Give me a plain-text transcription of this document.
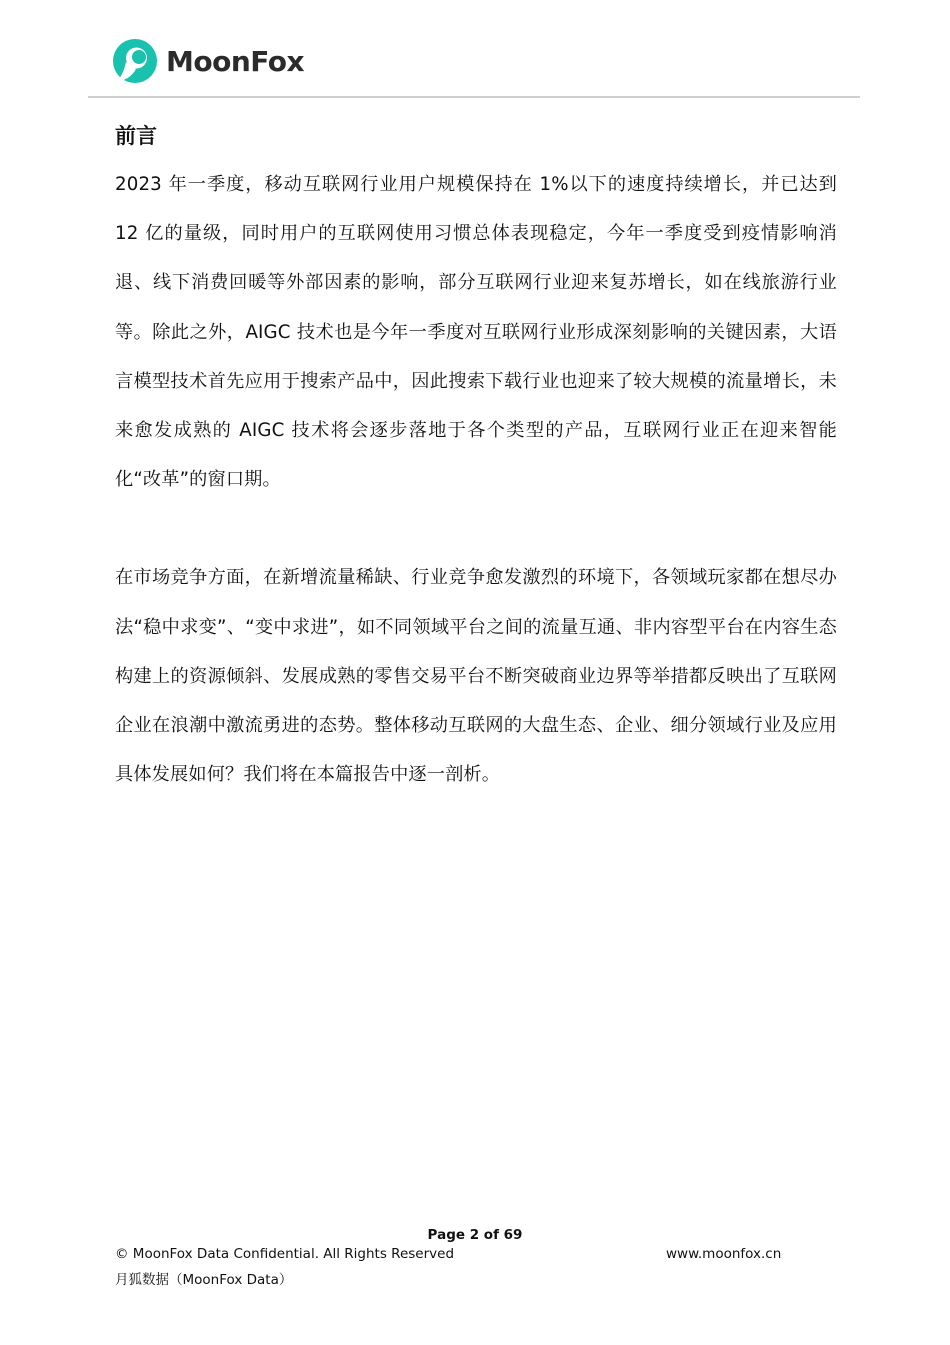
MoonFox
前言

2023 年一季度，移动互联网行业用户规模保持在 1%以下的速度持续增长，并已达到 12 亿的量级，同时用户的互联网使用习惯总体表现稳定，今年一季度受到疫情影响消退、线下消费回暖等外部因素的影响，部分互联网行业迎来复苏增长，如在线旅游行业等。除此之外，AIGC 技术也是今年一季度对互联网行业形成深刻影响的关键因素，大语言模型技术首先应用于搜索产品中，因此搜索下载行业也迎来了较大规模的流量增长，未来愈发成熟的 AIGC 技术将会逐步落地于各个类型的产品，互联网行业正在迎来智能化“改革”的窗口期。

在市场竞争方面，在新增流量稀缺、行业竞争愈发激烈的环境下，各领域玩家都在想尽办法“稳中求变”、“变中求进”，如不同领域平台之间的流量互通、非内容型平台在内容生态构建上的资源倾斜、发展成熟的零售交易平台不断突破商业边界等举措都反映出了互联网企业在浪潮中激流勇进的态势。整体移动互联网的大盘生态、企业、细分领域行业及应用具体发展如何？我们将在本篇报告中逐一剖析。

Page 2 of 69
© MoonFox Data Confidential. All Rights Reserved	www.moonfox.cn
月狐数据（MoonFox Data）
